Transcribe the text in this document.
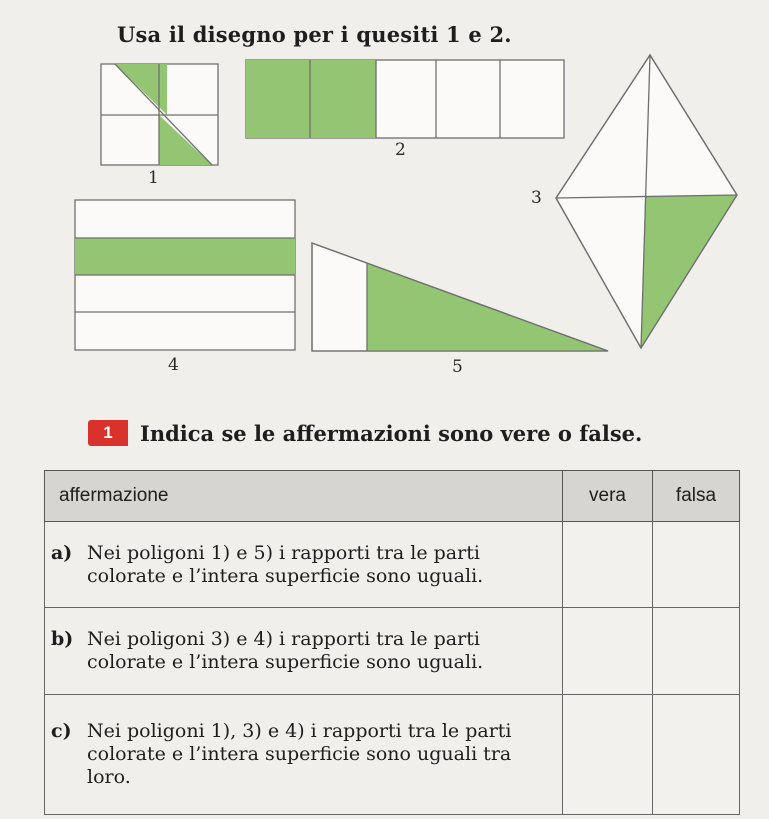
Usa il disegno per i quesiti 1 e 2.
1
2
3
4	5
1	Indica se le affermazioni sono vere o false.
affermazione	vera	falsa

a) Nei poligoni 1) e 5) i rapporti tra le parti colorate e l’intera superficie sono uguali.		

b) Nei poligoni 3) e 4) i rapporti tra le parti colorate e l’intera superficie sono uguali.		

c) Nei poligoni 1), 3) e 4) i rapporti tra le parti colorate e l’intera superficie sono uguali tra loro.		
